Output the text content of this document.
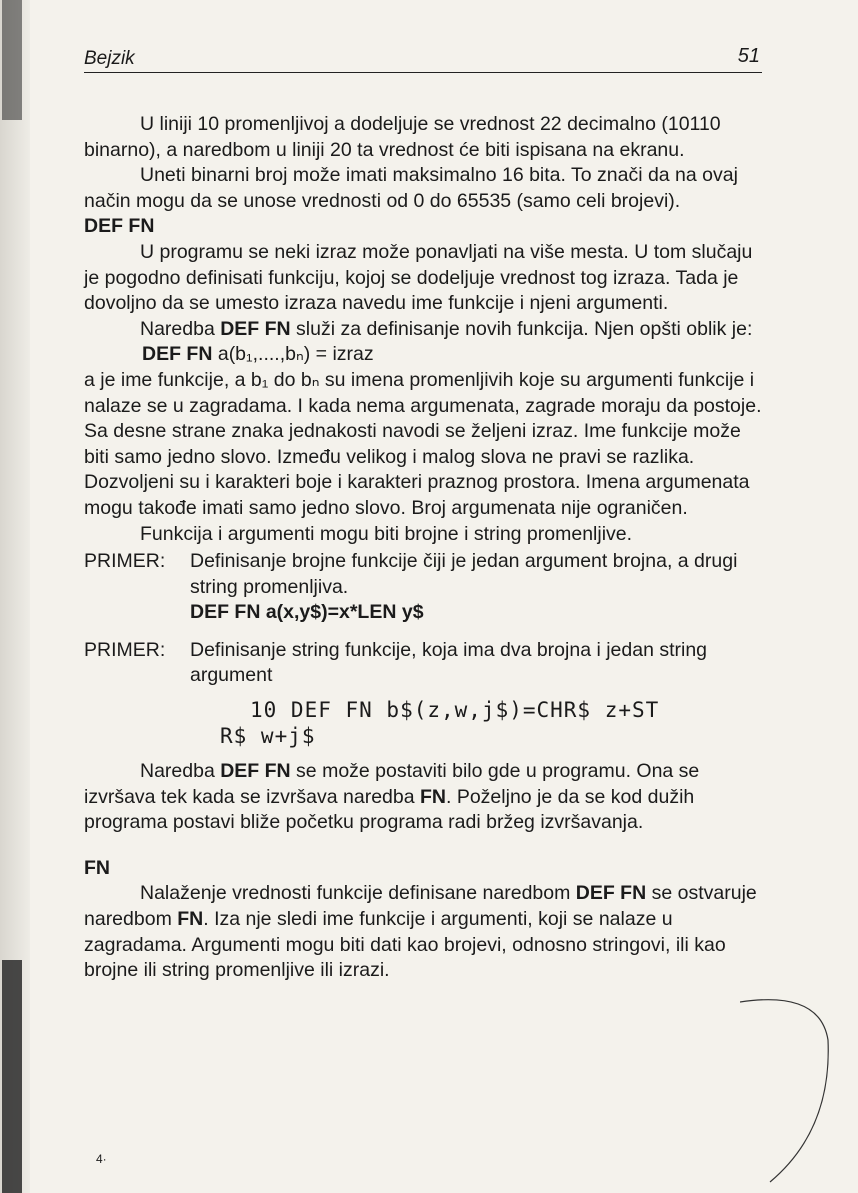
Bejzik	51

U liniji 10 promenljivoj a dodeljuje se vrednost 22 decimalno (10110 binarno), a naredbom u liniji 20 ta vrednost će biti ispisana na ekranu.

Uneti binarni broj može imati maksimalno 16 bita. To znači da na ovaj način mogu da se unose vrednosti od 0 do 65535 (samo celi brojevi).

DEF FN

U programu se neki izraz može ponavljati na više mesta. U tom slučaju je pogodno definisati funkciju, kojoj se dodeljuje vrednost tog izraza. Tada je dovoljno da se umesto izraza navedu ime funkcije i njeni argumenti.

Naredba DEF FN služi za definisanje novih funkcija. Njen opšti oblik je:

DEF FN a(b₁,....,bₙ) = izraz

a je ime funkcije, a b₁ do bₙ su imena promenljivih koje su argumenti funkcije i nalaze se u zagradama. I kada nema argumenata, zagrade moraju da postoje. Sa desne strane znaka jednakosti navodi se željeni izraz. Ime funkcije može biti samo jedno slovo. Između velikog i malog slova ne pravi se razlika. Dozvoljeni su i karakteri boje i karakteri praznog prostora. Imena argumenata mogu takođe imati samo jedno slovo. Broj argumenata nije ograničen.

Funkcija i argumenti mogu biti brojne i string promenljive.

PRIMER:	Definisanje brojne funkcije čiji je jedan argument brojna, a drugi string promenljiva.
DEF FN a(x,y$)=x*LEN y$
PRIMER:	Definisanje string funkcije, koja ima dva brojna i jedan string argument
10 DEF FN b$(z,w,j$)=CHR$ z+ST
R$ w+j$

Naredba DEF FN se može postaviti bilo gde u programu. Ona se izvršava tek kada se izvršava naredba FN. Poželjno je da se kod dužih programa postavi bliže početku programa radi bržeg izvršavanja.

FN

Nalaženje vrednosti funkcije definisane naredbom DEF FN se ostvaruje naredbom FN. Iza nje sledi ime funkcije i argumenti, koji se nalaze u zagradama. Argumenti mogu biti dati kao brojevi, odnosno stringovi, ili kao brojne ili string promenljive ili izrazi.

4·
